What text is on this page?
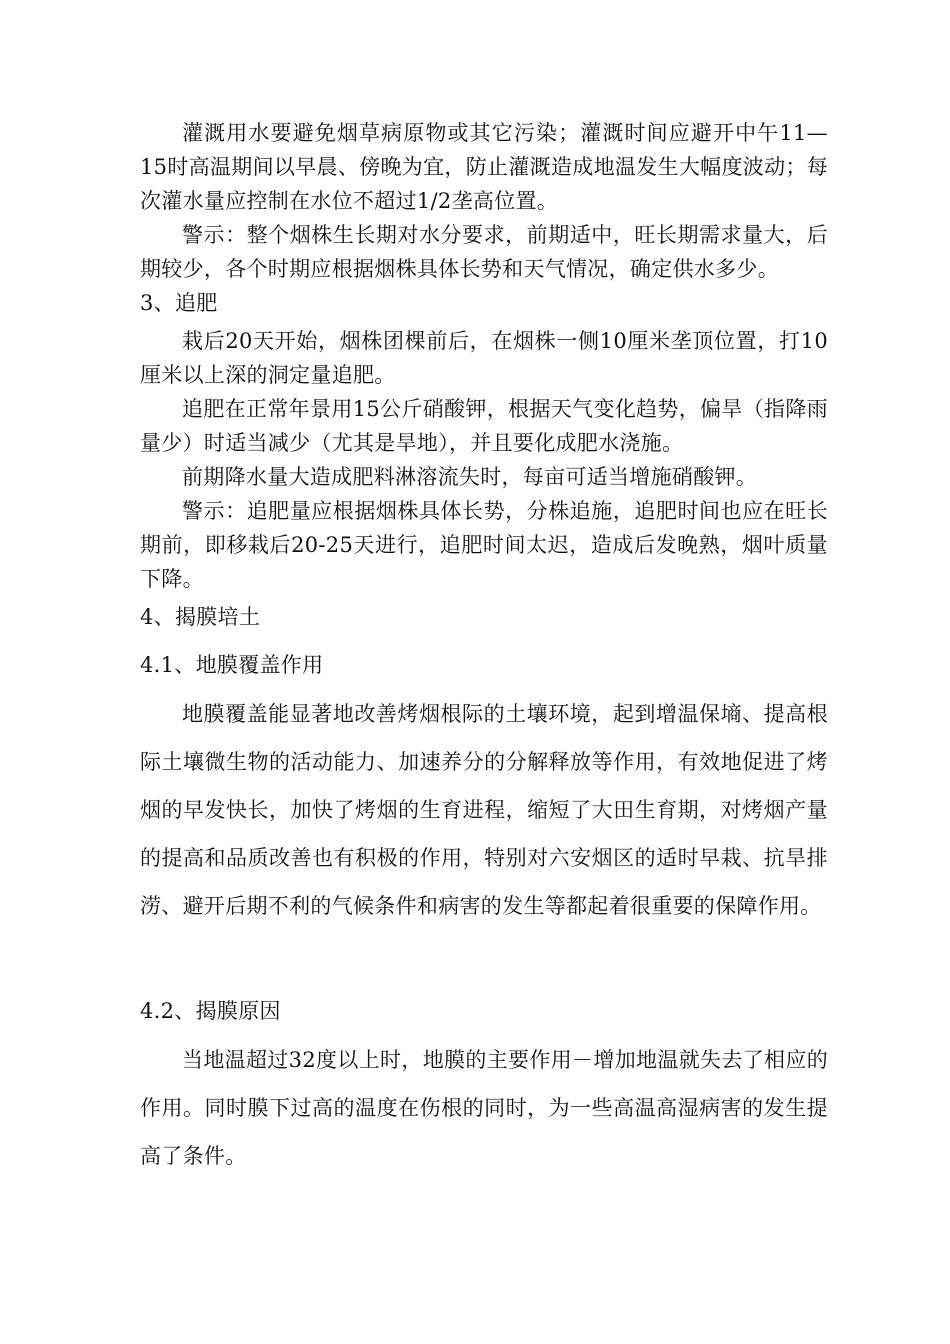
灌溉用水要避免烟草病原物或其它污染；灌溉时间应避开中午11—15时高温期间以早晨、傍晚为宜，防止灌溉造成地温发生大幅度波动；每次灌水量应控制在水位不超过1/2垄高位置。

警示：整个烟株生长期对水分要求，前期适中，旺长期需求量大，后期较少，各个时期应根据烟株具体长势和天气情况，确定供水多少。

3、追肥

栽后20天开始，烟株团棵前后，在烟株一侧10厘米垄顶位置，打10厘米以上深的洞定量追肥。

追肥在正常年景用15公斤硝酸钾，根据天气变化趋势，偏旱（指降雨量少）时适当减少（尤其是旱地），并且要化成肥水浇施。

前期降水量大造成肥料淋溶流失时，每亩可适当增施硝酸钾。

警示：追肥量应根据烟株具体长势，分株追施，追肥时间也应在旺长期前，即移栽后20-25天进行，追肥时间太迟，造成后发晚熟，烟叶质量下降。

4、揭膜培土

4.1、地膜覆盖作用

地膜覆盖能显著地改善烤烟根际的土壤环境，起到增温保墒、提高根际土壤微生物的活动能力、加速养分的分解释放等作用，有效地促进了烤烟的早发快长，加快了烤烟的生育进程，缩短了大田生育期，对烤烟产量的提高和品质改善也有积极的作用，特别对六安烟区的适时早栽、抗旱排涝、避开后期不利的气候条件和病害的发生等都起着很重要的保障作用。

4.2、揭膜原因

当地温超过32度以上时，地膜的主要作用－增加地温就失去了相应的作用。同时膜下过高的温度在伤根的同时，为一些高温高湿病害的发生提高了条件。
